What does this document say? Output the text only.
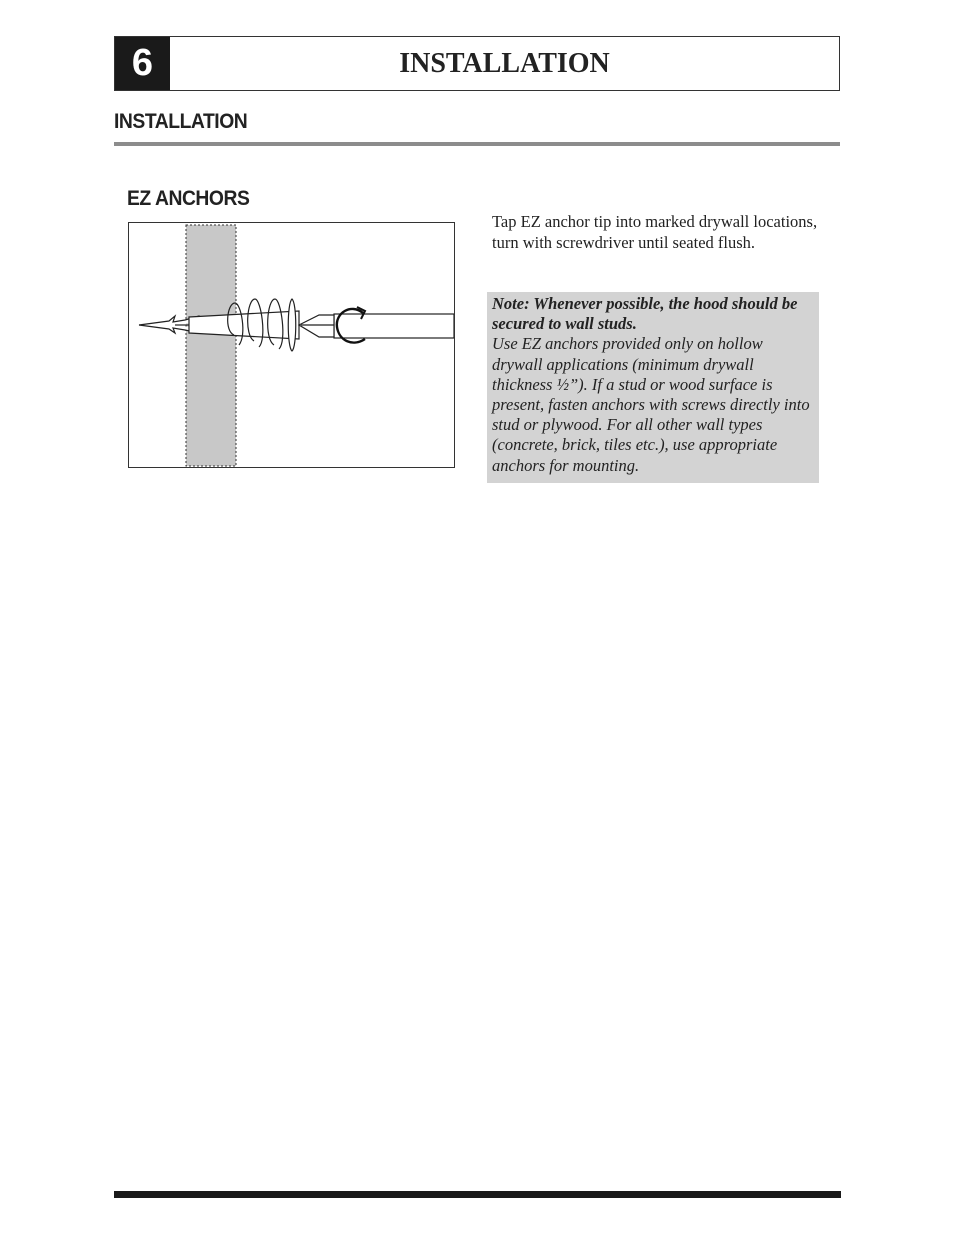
6	INSTALLATION
INSTALLATION
EZ ANCHORS
Tap EZ anchor tip into marked drywall locations, turn with screwdriver until seated flush.
Note: Whenever possible, the hood should be secured to wall studs.
Use EZ anchors provided only on hollow drywall applications (minimum drywall thickness ½”). If a stud or wood surface is present, fasten anchors with screws directly into stud or plywood. For all other wall types (concrete, brick, tiles etc.), use appropriate anchors for mounting.
